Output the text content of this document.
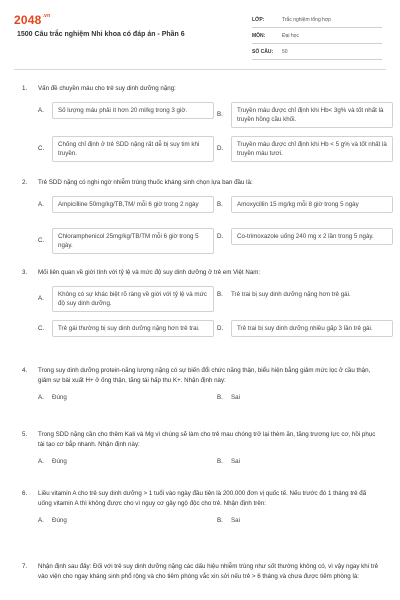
$2048^{.vn}$
1500 Câu trắc nghiệm Nhi khoa có đáp án - Phần 6
LỚP:	Trắc nghiệm tổng hợp
MÔN:	Đại học
SỐ CÂU:	50
1.	Vấn đề chuyền máu cho trẻ suy dinh dưỡng nặng:
A.	Số lượng máu phải ít hơn 20 ml/kg trong 3 giờ.
B.
Truyền máu được chỉ định khi Hb< 3g% và tốt nhất là truyền hồng cầu khối.
C.
Chống chỉ định ở trẻ SDD nặng rất dễ bị suy tim khi truyền.
D.
Truyền máu được chỉ định khi Hb < 5 g% và tốt nhất là truyền máu tươi.
2.	Trẻ SDD nặng có nghi ngờ nhiễm trùng thuốc kháng sinh chọn lựa ban đầu là:
A.	Ampicilline 50mg/kg/TB,TM/ mỗi 6 giờ trong 2 ngày	B.	Amoxycillin 15 mg/kg mỗi 8 giờ trong 5 ngày
C.
Chloramphenicol 25mg/kg/TB/TM mỗi 6 giờ trong 5 ngày.
D.	Co-trimoxazole uống 240 mg x 2 lần trong 5 ngày.
3.	Mối liên quan về giới tính với tỷ lệ và mức độ suy dinh dưỡng ở trẻ em Việt Nam:
A.
Không có sự khác biệt rõ ràng về giới với tỷ lệ và mức độ suy dinh dưỡng.
B.	Trẻ trai bị suy dinh dưỡng nặng hơn trẻ gái.
C.	Trẻ gái thường bị suy dinh dưỡng nặng hơn trẻ trai.	D.	Trẻ trai bị suy dinh dưỡng nhiều gấp 3 lần trẻ gái.
4.	Trong suy dinh dưỡng protein-năng lượng nặng có sự biến đổi chức năng thận, biểu hiện bằng giảm mức lọc ở cầu thận, giảm sự bài xuất H+ ở ống thận, tăng tái hấp thu K+. Nhận định này:
A.	Đúng	B.	Sai
5.	Trong SDD nặng cần cho thêm Kali và Mg vì chúng sẽ làm cho trẻ mau chóng trở lại thèm ăn, tăng trương lực cơ, hồi phục tái tạo cơ bắp nhanh. Nhận định này:
A.	Đúng	B.	Sai
6.	Liều vitamin A cho trẻ suy dinh dưỡng > 1 tuổi vào ngày đầu tiên là 200.000 đơn vị quốc tế. Nếu trước đó 1 tháng trẻ đã uống vitamin A thì không được cho vì nguy cơ gây ngộ độc cho trẻ. Nhận định trên:
A.	Đúng	B.	Sai
7.	Nhận định sau đây: Đối với trẻ suy dinh dưỡng nặng các dấu hiệu nhiễm trùng như sốt thường không có, vì vậy ngay khi trẻ vào viện cho ngay kháng sinh phổ rộng và cho tiêm phòng vắc xin sởi nếu trẻ > 6 tháng và chưa được tiêm phòng là:
